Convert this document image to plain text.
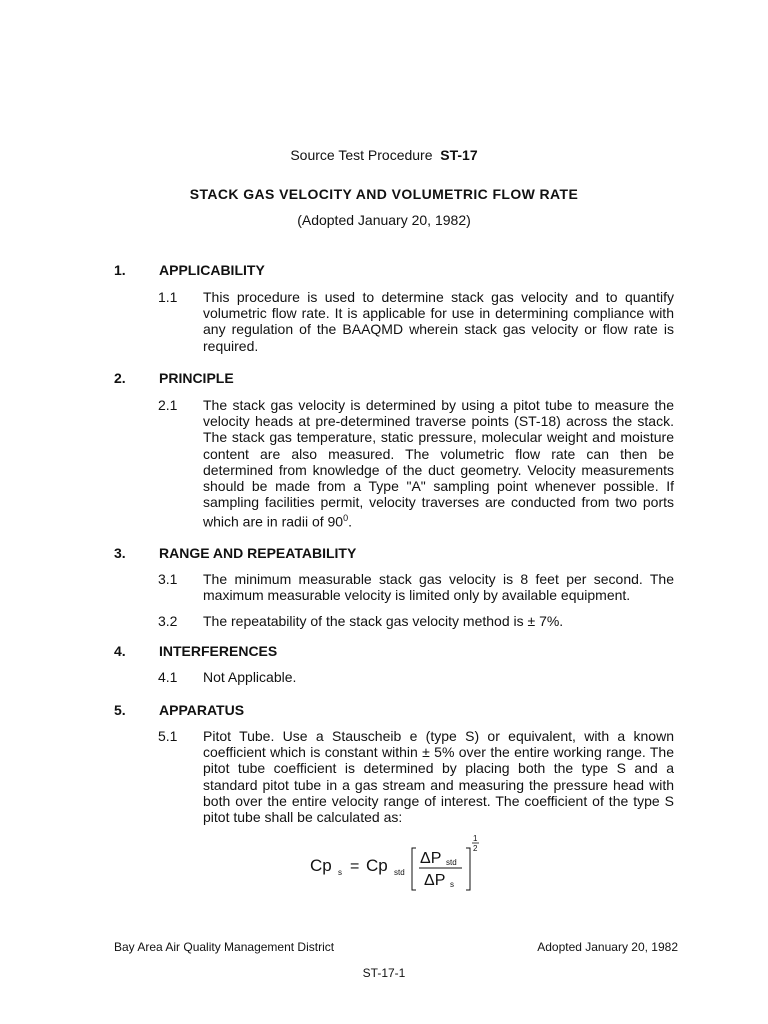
Source Test Procedure ST-17
STACK GAS VELOCITY AND VOLUMETRIC FLOW RATE
(Adopted January 20, 1982)
1. APPLICABILITY
1.1 This procedure is used to determine stack gas velocity and to quantify volumetric flow rate. It is applicable for use in determining compliance with any regulation of the BAAQMD wherein stack gas velocity or flow rate is required.
2. PRINCIPLE
2.1 The stack gas velocity is determined by using a pitot tube to measure the velocity heads at pre-determined traverse points (ST-18) across the stack. The stack gas temperature, static pressure, molecular weight and moisture content are also measured. The volumetric flow rate can then be determined from knowledge of the duct geometry. Velocity measurements should be made from a Type "A" sampling point whenever possible. If sampling facilities permit, velocity traverses are conducted from two ports which are in radii of $90^0$.
3. RANGE AND REPEATABILITY
3.1 The minimum measurable stack gas velocity is 8 feet per second. The maximum measurable velocity is limited only by available equipment.
3.2 The repeatability of the stack gas velocity method is ± 7%.
4. INTERFERENCES
4.1 Not Applicable.
5. APPARATUS
5.1 Pitot Tube. Use a Stauscheib e (type S) or equivalent, with a known coefficient which is constant within ± 5% over the entire working range. The pitot tube coefficient is determined by placing both the type S and a standard pitot tube in a gas stream and measuring the pressure head with both over the entire velocity range of interest. The coefficient of the type S pitot tube shall be calculated as:
Cp s = Cp std
ΔP std
ΔP s
1
2
Bay Area Air Quality Management District	Adopted January 20, 1982
ST-17-1
